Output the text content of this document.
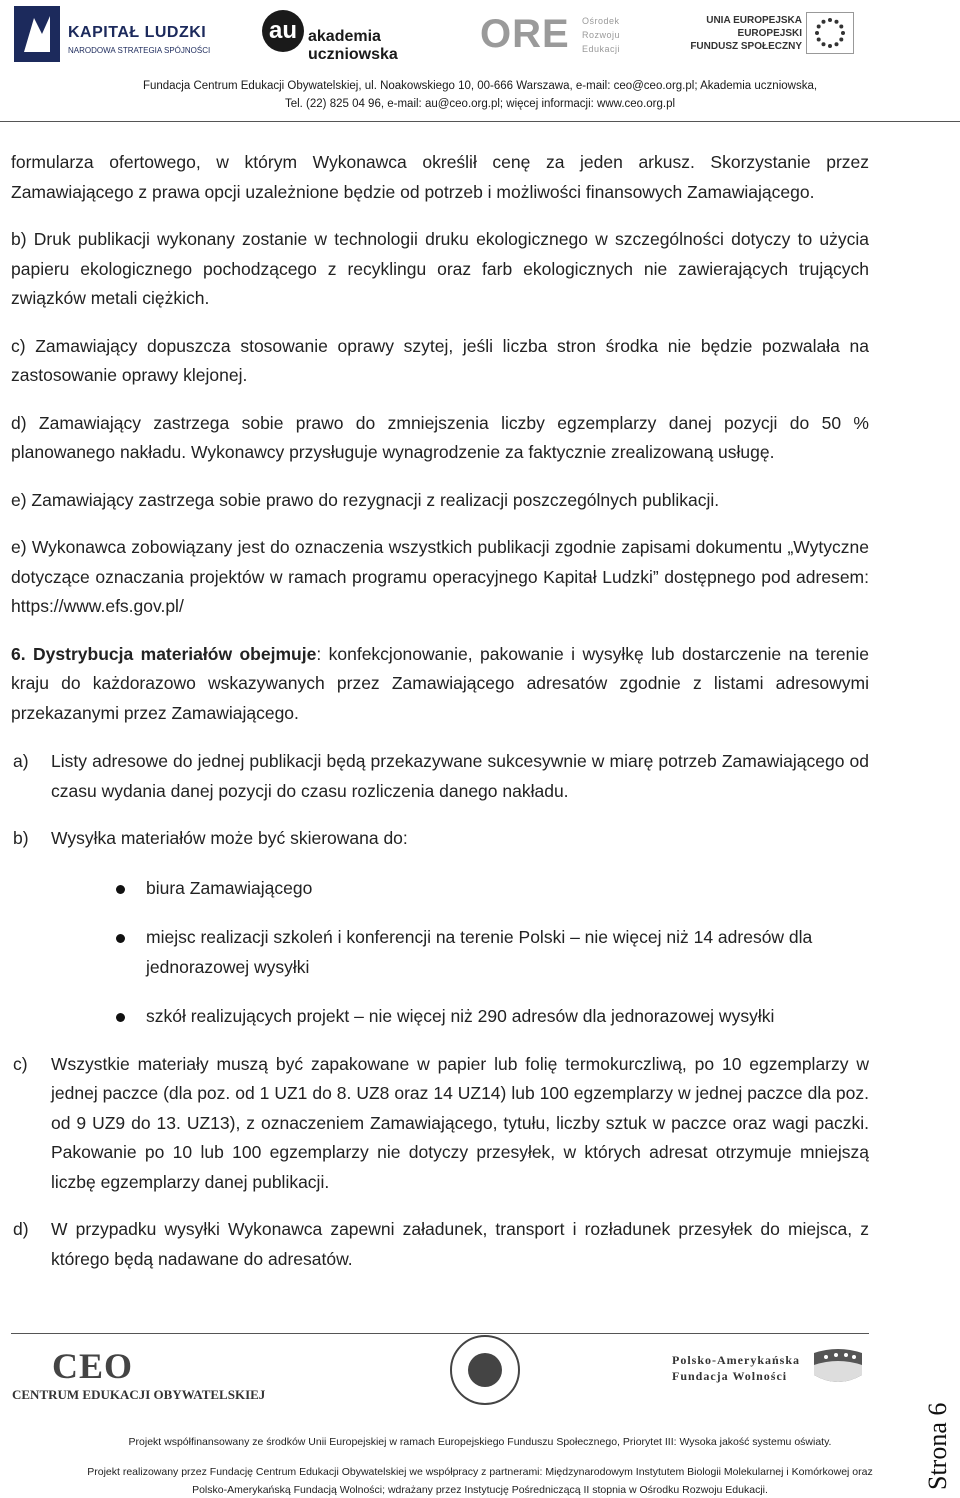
KAPITAŁ LUDZKI
NARODOWA STRATEGIA SPÓJNOŚCI
au akademia
uczniowska ORE Ośrodek
Rozwoju
Edukacji
UNIA EUROPEJSKA
EUROPEJSKI
FUNDUSZ SPOŁECZNY
Fundacja Centrum Edukacji Obywatelskiej, ul. Noakowskiego 10, 00-666 Warszawa, e-mail: ceo@ceo.org.pl; Akademia uczniowska,
Tel. (22) 825 04 96, e-mail: au@ceo.org.pl; więcej informacji: www.ceo.org.pl

formularza ofertowego, w którym Wykonawca określił cenę za jeden arkusz. Skorzystanie przez Zamawiającego z prawa opcji uzależnione będzie od potrzeb i możliwości finansowych Zamawiającego.

b) Druk publikacji wykonany zostanie w technologii druku ekologicznego w szczególności dotyczy to użycia papieru ekologicznego pochodzącego z recyklingu oraz farb ekologicznych nie zawierających trujących związków metali ciężkich.

c) Zamawiający dopuszcza stosowanie oprawy szytej, jeśli liczba stron środka nie będzie pozwalała na zastosowanie oprawy klejonej.

d) Zamawiający zastrzega sobie prawo do zmniejszenia liczby egzemplarzy danej pozycji do 50 % planowanego nakładu. Wykonawcy przysługuje wynagrodzenie za faktycznie zrealizowaną usługę.

e) Zamawiający zastrzega sobie prawo do rezygnacji z realizacji poszczególnych publikacji.

e) Wykonawca zobowiązany jest do oznaczenia wszystkich publikacji zgodnie zapisami dokumentu „Wytyczne dotyczące oznaczania projektów w ramach programu operacyjnego Kapitał Ludzki” dostępnego pod adresem: https://www.efs.gov.pl/

6. Dystrybucja materiałów obejmuje: konfekcjonowanie, pakowanie i wysyłkę lub dostarczenie na terenie kraju do każdorazowo wskazywanych przez Zamawiającego adresatów zgodnie z listami adresowymi przekazanymi przez Zamawiającego.

a) Listy adresowe do jednej publikacji będą przekazywane sukcesywnie w miarę potrzeb Zamawiającego od czasu wydania danej pozycji do czasu rozliczenia danego nakładu.
b) Wysyłka materiałów może być skierowana do:
biura Zamawiającego
miejsc realizacji szkoleń i konferencji na terenie Polski – nie więcej niż 14 adresów dla jednorazowej wysyłki
szkół realizujących projekt – nie więcej niż 290 adresów dla jednorazowej wysyłki
c) Wszystkie materiały muszą być zapakowane w papier lub folię termokurczliwą, po 10 egzemplarzy w jednej paczce (dla poz. od 1 UZ1 do 8. UZ8 oraz 14 UZ14) lub 100 egzemplarzy w jednej paczce dla poz. od 9 UZ9 do 13. UZ13), z oznaczeniem Zamawiającego, tytułu, liczby sztuk w paczce oraz wagi paczki. Pakowanie po 10 lub 100 egzemplarzy nie dotyczy przesyłek, w których adresat otrzymuje mniejszą liczbę egzemplarzy danej publikacji.
d) W przypadku wysyłki Wykonawca zapewni załadunek, transport i rozładunek przesyłek do miejsca, z którego będą nadawane do adresatów.
CEO
CENTRUM EDUKACJI OBYWATELSKIEJ
Polsko-Amerykańska
Fundacja Wolności
Projekt współfinansowany ze środków Unii Europejskiej w ramach Europejskiego Funduszu Społecznego, Priorytet III: Wysoka jakość systemu oświaty.
Projekt realizowany przez Fundację Centrum Edukacji Obywatelskiej we współpracy z partnerami: Międzynarodowym Instytutem Biologii Molekularnej i Komórkowej oraz
Polsko-Amerykańską Fundacją Wolności; wdrażany przez Instytucję Pośredniczącą II stopnia w Ośrodku Rozwoju Edukacji.	Strona 6
